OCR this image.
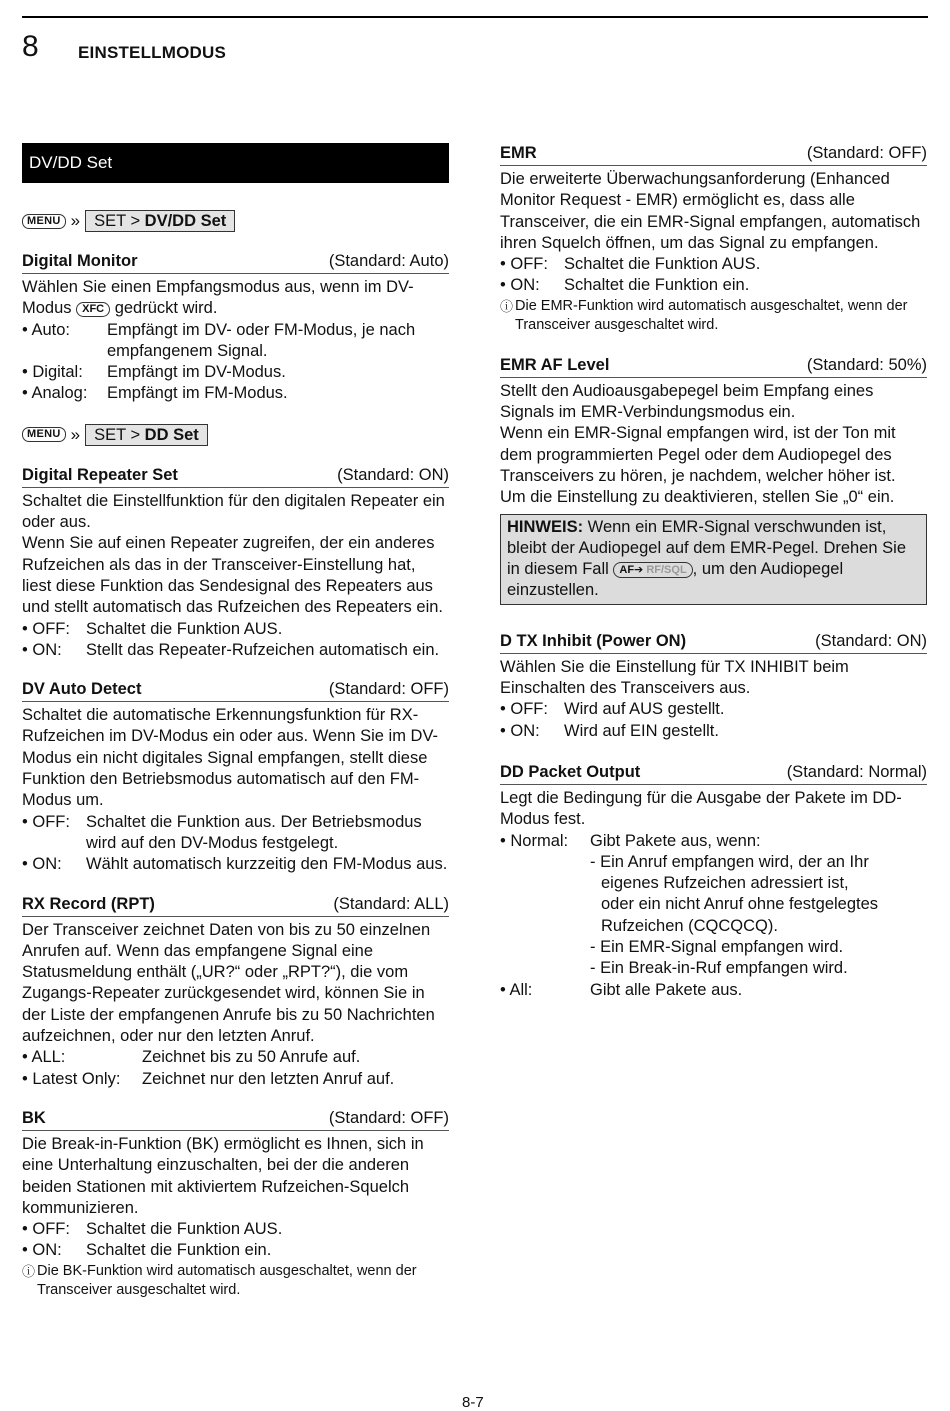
8 EINSTELLMODUS
DV/DD Set
MENU » SET > DV/DD Set
Digital Monitor	(Standard: Auto)

Wählen Sie einen Empfangsmodus aus, wenn im DV-

Modus XFC gedrückt wird.

• Auto:	Empfängt im DV- oder FM-Modus, je nach empfangenem Signal.
• Digital:	Empfängt im DV-Modus.
• Analog:	Empfängt im FM-Modus.
MENU » SET > DD Set
Digital Repeater Set	(Standard: ON)

Schaltet die Einstellfunktion für den digitalen Repeater ein oder aus.

Wenn Sie auf einen Repeater zugreifen, der ein anderes Rufzeichen als das in der Transceiver-Einstellung hat, liest diese Funktion das Sendesignal des Repeaters aus und stellt automatisch das Rufzeichen des Repeaters ein.

• OFF: Schaltet die Funktion AUS.
• ON:	Stellt das Repeater-Rufzeichen automatisch ein.
DV Auto Detect	(Standard: OFF)

Schaltet die automatische Erkennungsfunktion für RX-Rufzeichen im DV-Modus ein oder aus. Wenn Sie im DV-Modus ein nicht digitales Signal empfangen, stellt diese Funktion den Betriebsmodus automatisch auf den FM-Modus um.

• OFF: Schaltet die Funktion aus. Der Betriebsmodus wird auf den DV-Modus festgelegt.
• ON:	Wählt automatisch kurzzeitig den FM-Modus aus.
RX Record (RPT)	(Standard: ALL)

Der Transceiver zeichnet Daten von bis zu 50 einzelnen Anrufen auf. Wenn das empfangene Signal eine Statusmeldung enthält („UR?“ oder „RPT?“), die vom Zugangs-Repeater zurückgesendet wird, können Sie in der Liste der empfangenen Anrufe bis zu 50 Nachrichten aufzeichnen, oder nur den letzten Anruf.

• ALL:	Zeichnet bis zu 50 Anrufe auf.
• Latest Only:	Zeichnet nur den letzten Anruf auf.
BK	(Standard: OFF)

Die Break-in-Funktion (BK) ermöglicht es Ihnen, sich in eine Unterhaltung einzuschalten, bei der die anderen beiden Stationen mit aktiviertem Rufzeichen-Squelch kommunizieren.

• OFF: Schaltet die Funktion AUS.
• ON:	Schaltet die Funktion ein.
ⓘ Die BK-Funktion wird automatisch ausgeschaltet, wenn der Transceiver ausgeschaltet wird.
EMR	(Standard: OFF)

Die erweiterte Überwachungsanforderung (Enhanced Monitor Request - EMR) ermöglicht es, dass alle Transceiver, die ein EMR-Signal empfangen, automatisch ihren Squelch öffnen, um das Signal zu empfangen.

• OFF: Schaltet die Funktion AUS.
• ON:	Schaltet die Funktion ein.
ⓘ Die EMR-Funktion wird automatisch ausgeschaltet, wenn der Transceiver ausgeschaltet wird.
EMR AF Level	(Standard: 50%)

Stellt den Audioausgabepegel beim Empfang eines Signals im EMR-Verbindungsmodus ein.

Wenn ein EMR-Signal empfangen wird, ist der Ton mit dem programmierten Pegel oder dem Audiopegel des Transceivers zu hören, je nachdem, welcher höher ist.

Um die Einstellung zu deaktivieren, stellen Sie „0“ ein.

HINWEIS: Wenn ein EMR-Signal verschwunden ist, bleibt der Audiopegel auf dem EMR-Pegel. Drehen Sie in diesem Fall AF➔ RF/SQL , um den Audiopegel einzustellen.
D TX Inhibit (Power ON)	(Standard: ON)

Wählen Sie die Einstellung für TX INHIBIT beim Einschalten des Transceivers aus.

• OFF: Wird auf AUS gestellt.
• ON:	Wird auf EIN gestellt.
DD Packet Output	(Standard: Normal)

Legt die Bedingung für die Ausgabe der Pakete im DD-Modus fest.

• Normal:	Gibt Pakete aus, wenn:
- Ein Anruf empfangen wird, der an Ihr
eigenes Rufzeichen adressiert ist,
oder ein nicht Anruf ohne festgelegtes
Rufzeichen (CQCQCQ).
- Ein EMR-Signal empfangen wird.
- Ein Break-in-Ruf empfangen wird.
• All:	Gibt alle Pakete aus.
8-7
